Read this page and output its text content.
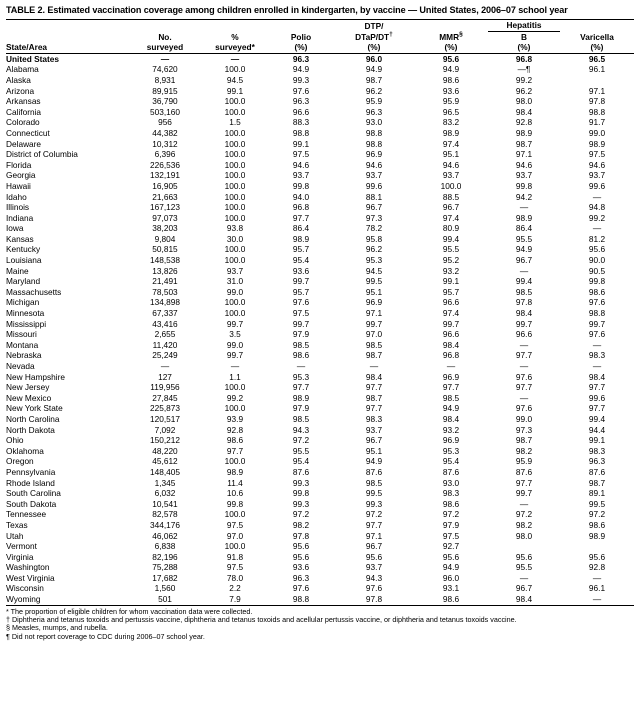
TABLE 2. Estimated vaccination coverage among children enrolled in kindergarten, by vaccine — United States, 2006–07 school year
				DTP/		Hepatitis	
	No.	%	Polio	DTaP/DT†	MMR§	B	Varicella
State/Area	surveyed	surveyed*	(%)	(%)	(%)	(%)	(%)
United States	—	—	96.3	96.0	95.6	96.8	96.5
Alabama	74,620	100.0	94.9	94.9	94.9	—¶	96.1
Alaska	8,931	94.5	99.3	98.7	98.6	99.2	
Arizona	89,915	99.1	97.6	96.2	93.6	96.2	97.1
Arkansas	36,790	100.0	96.3	95.9	95.9	98.0	97.8
California	503,160	100.0	96.6	96.3	96.5	98.4	98.8
Colorado	956	1.5	88.3	93.0	83.2	92.8	91.7
Connecticut	44,382	100.0	98.8	98.8	98.9	98.9	99.0
Delaware	10,312	100.0	99.1	98.8	97.4	98.7	98.9
District of Columbia	6,396	100.0	97.5	96.9	95.1	97.1	97.5
Florida	226,536	100.0	94.6	94.6	94.6	94.6	94.6
Georgia	132,191	100.0	93.7	93.7	93.7	93.7	93.7
Hawaii	16,905	100.0	99.8	99.6	100.0	99.8	99.6
Idaho	21,663	100.0	94.0	88.1	88.5	94.2	—
Illinois	167,123	100.0	96.8	96.7	96.7	—	94.8
Indiana	97,073	100.0	97.7	97.3	97.4	98.9	99.2
Iowa	38,203	93.8	86.4	78.2	80.9	86.4	—
Kansas	9,804	30.0	98.9	95.8	99.4	95.5	81.2
Kentucky	50,815	100.0	95.7	96.2	95.5	94.9	95.6
Louisiana	148,538	100.0	95.4	95.3	95.2	96.7	90.0
Maine	13,826	93.7	93.6	94.5	93.2	—	90.5
Maryland	21,491	31.0	99.7	99.5	99.1	99.4	99.8
Massachusetts	78,503	99.0	95.7	95.1	95.7	98.5	98.6
Michigan	134,898	100.0	97.6	96.9	96.6	97.8	97.6
Minnesota	67,337	100.0	97.5	97.1	97.4	98.4	98.8
Mississippi	43,416	99.7	99.7	99.7	99.7	99.7	99.7
Missouri	2,655	3.5	97.9	97.0	96.6	96.6	97.6
Montana	11,420	99.0	98.5	98.5	98.4	—	—
Nebraska	25,249	99.7	98.6	98.7	96.8	97.7	98.3
Nevada	—	—	—	—	—	—	—
New Hampshire	127	1.1	95.3	98.4	96.9	97.6	98.4
New Jersey	119,956	100.0	97.7	97.7	97.7	97.7	97.7
New Mexico	27,845	99.2	98.9	98.7	98.5	—	99.6
New York State	225,873	100.0	97.9	97.7	94.9	97.6	97.7
North Carolina	120,517	93.9	98.5	98.3	98.4	99.0	99.4
North Dakota	7,092	92.8	94.3	93.7	93.2	97.3	94.4
Ohio	150,212	98.6	97.2	96.7	96.9	98.7	99.1
Oklahoma	48,220	97.7	95.5	95.1	95.3	98.2	98.3
Oregon	45,612	100.0	95.4	94.9	95.4	95.9	96.3
Pennsylvania	148,405	98.9	87.6	87.6	87.6	87.6	87.6
Rhode Island	1,345	11.4	99.3	98.5	93.0	97.7	98.7
South Carolina	6,032	10.6	99.8	99.5	98.3	99.7	89.1
South Dakota	10,541	99.8	99.3	99.3	98.6	—	99.5
Tennessee	82,578	100.0	97.2	97.2	97.2	97.2	97.2
Texas	344,176	97.5	98.2	97.7	97.9	98.2	98.6
Utah	46,062	97.0	97.8	97.1	97.5	98.0	98.9
Vermont	6,838	100.0	95.6	96.7	92.7		
Virginia	82,196	91.8	95.6	95.6	95.6	95.6	95.6
Washington	75,288	97.5	93.6	93.7	94.9	95.5	92.8
West Virginia	17,682	78.0	96.3	94.3	96.0	—	—
Wisconsin	1,560	2.2	97.6	97.6	93.1	96.7	96.1
Wyoming	501	7.9	98.8	97.8	98.6	98.4	—
* The proportion of eligible children for whom vaccination data were collected.
† Diphtheria and tetanus toxoids and pertussis vaccine, diphtheria and tetanus toxoids and acellular pertussis vaccine, or diphtheria and tetanus toxoids vaccine.
§ Measles, mumps, and rubella.
¶ Did not report coverage to CDC during 2006–07 school year.
